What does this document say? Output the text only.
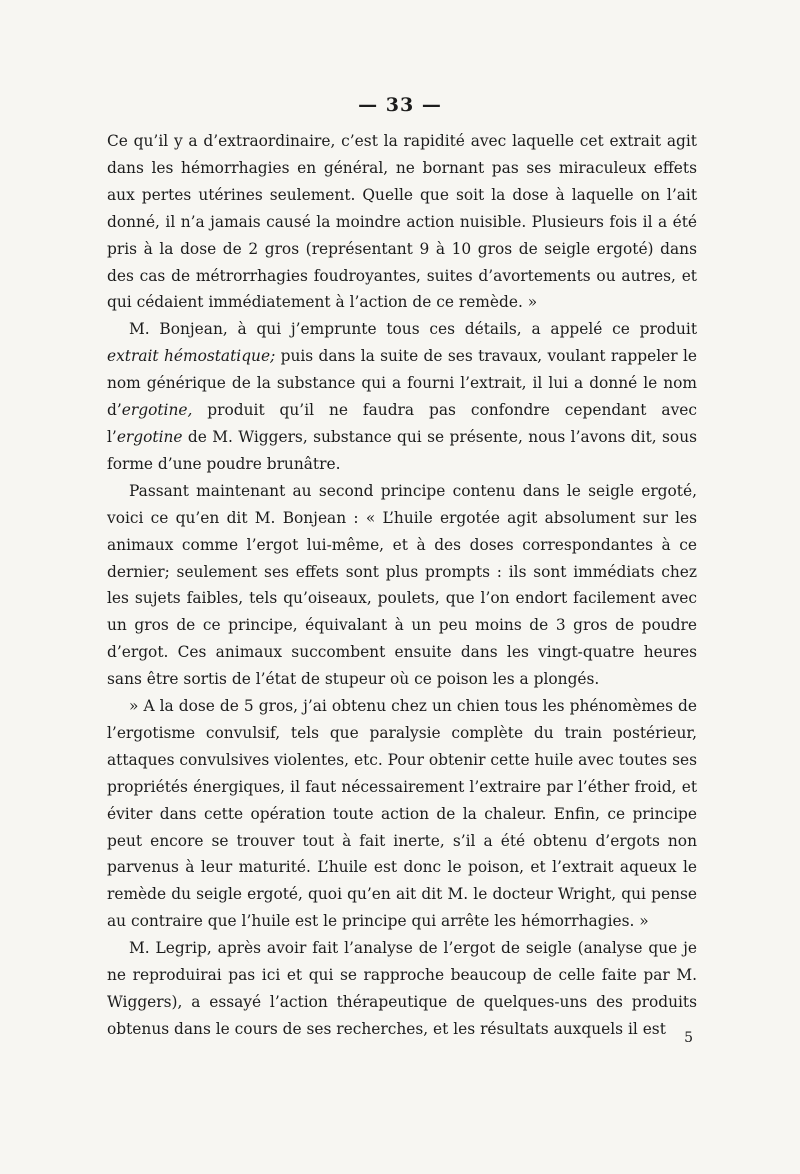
— 33 —

Ce qu’il y a d’extraordinaire, c’est la rapidité avec laquelle cet extrait agit dans les hémorrhagies en général, ne bornant pas ses miraculeux effets aux pertes utérines seulement. Quelle que soit la dose à laquelle on l’ait donné, il n’a jamais causé la moindre action nuisible. Plusieurs fois il a été pris à la dose de 2 gros (représentant 9 à 10 gros de seigle ergoté) dans des cas de métrorrhagies foudroyantes, suites d’avortements ou autres, et qui cédaient immédiatement à l’action de ce remède. »

M. Bonjean, à qui j’emprunte tous ces détails, a appelé ce produit extrait hémostatique; puis dans la suite de ses travaux, voulant rappeler le nom générique de la substance qui a fourni l’extrait, il lui a donné le nom d’ergotine, produit qu’il ne faudra pas confondre cependant avec l’ergotine de M. Wiggers, substance qui se présente, nous l’avons dit, sous forme d’une poudre brunâtre.

Passant maintenant au second principe contenu dans le seigle ergoté, voici ce qu’en dit M. Bonjean : « L’huile ergotée agit absolument sur les animaux comme l’ergot lui-même, et à des doses correspondantes à ce dernier; seulement ses effets sont plus prompts : ils sont immédiats chez les sujets faibles, tels qu’oiseaux, poulets, que l’on endort facilement avec un gros de ce principe, équivalant à un peu moins de 3 gros de poudre d’ergot. Ces animaux succombent ensuite dans les vingt-quatre heures sans être sortis de l’état de stupeur où ce poison les a plongés.

» A la dose de 5 gros, j’ai obtenu chez un chien tous les phénomèmes de l’ergotisme convulsif, tels que paralysie complète du train postérieur, attaques convulsives violentes, etc. Pour obtenir cette huile avec toutes ses propriétés énergiques, il faut nécessairement l’extraire par l’éther froid, et éviter dans cette opération toute action de la chaleur. Enfin, ce principe peut encore se trouver tout à fait inerte, s’il a été obtenu d’ergots non parvenus à leur maturité. L’huile est donc le poison, et l’extrait aqueux le remède du seigle ergoté, quoi qu’en ait dit M. le docteur Wright, qui pense au contraire que l’huile est le principe qui arrête les hémorrhagies. »

M. Legrip, après avoir fait l’analyse de l’ergot de seigle (analyse que je ne reproduirai pas ici et qui se rapproche beaucoup de celle faite par M. Wiggers), a essayé l’action thérapeutique de quelques-uns des produits obtenus dans le cours de ses recherches, et les résultats auxquels il est

5
